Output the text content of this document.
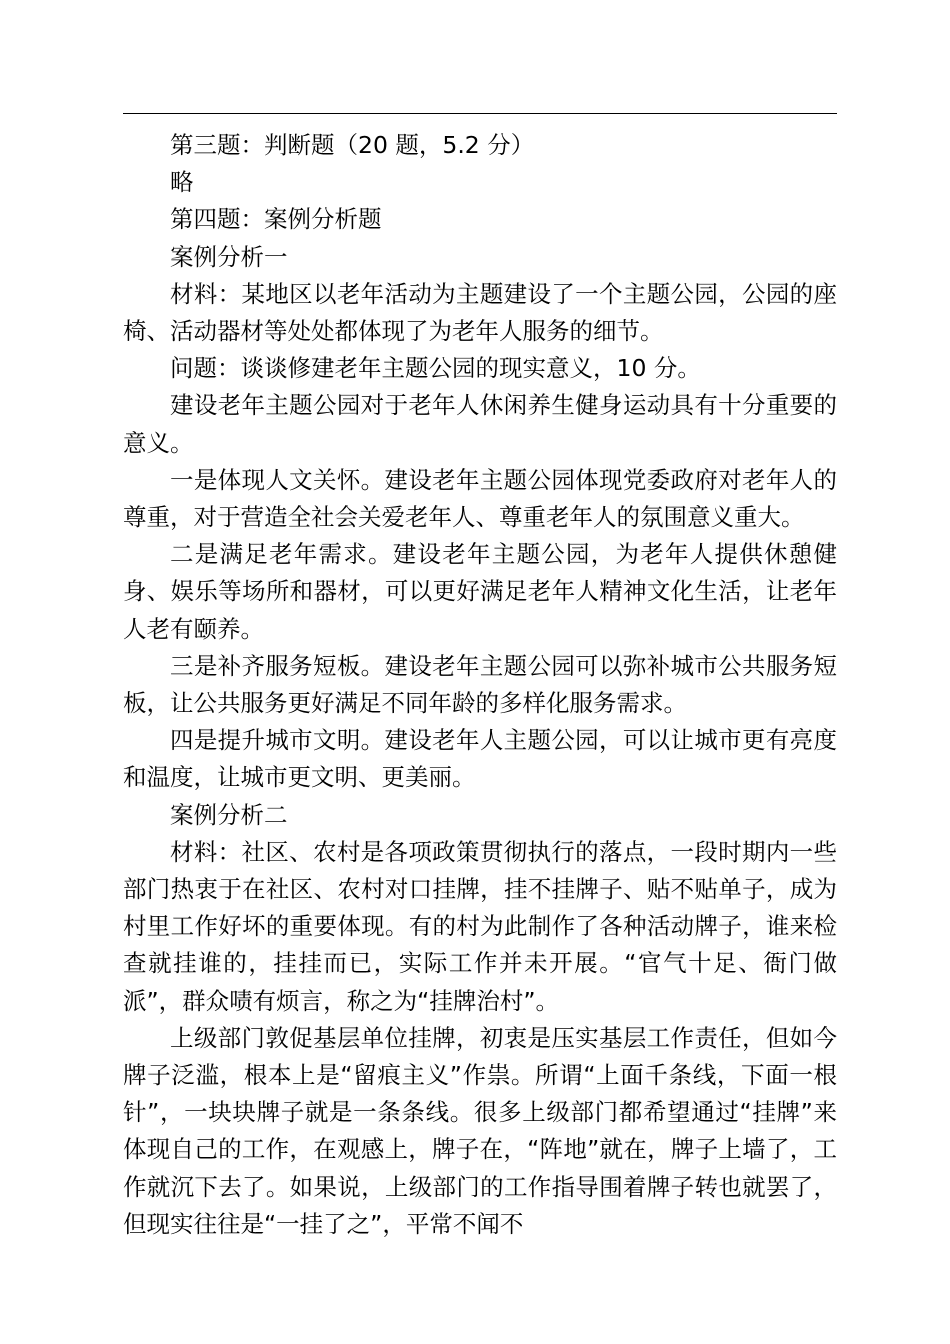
第三题：判断题（20 题，5.2 分）

略

第四题：案例分析题

案例分析一

材料：某地区以老年活动为主题建设了一个主题公园，公园的座椅、活动器材等处处都体现了为老年人服务的细节。

问题：谈谈修建老年主题公园的现实意义，10 分。

建设老年主题公园对于老年人休闲养生健身运动具有十分重要的意义。

一是体现人文关怀。建设老年主题公园体现党委政府对老年人的尊重，对于营造全社会关爱老年人、尊重老年人的氛围意义重大。

二是满足老年需求。建设老年主题公园，为老年人提供休憩健身、娱乐等场所和器材，可以更好满足老年人精神文化生活，让老年人老有颐养。

三是补齐服务短板。建设老年主题公园可以弥补城市公共服务短板，让公共服务更好满足不同年龄的多样化服务需求。

四是提升城市文明。建设老年人主题公园，可以让城市更有亮度和温度，让城市更文明、更美丽。

案例分析二

材料：社区、农村是各项政策贯彻执行的落点，一段时期内一些部门热衷于在社区、农村对口挂牌，挂不挂牌子、贴不贴单子，成为村里工作好坏的重要体现。有的村为此制作了各种活动牌子，谁来检查就挂谁的，挂挂而已，实际工作并未开展。“官气十足、衙门做派”，群众啧有烦言，称之为“挂牌治村”。

上级部门敦促基层单位挂牌，初衷是压实基层工作责任，但如今牌子泛滥，根本上是“留痕主义”作祟。所谓“上面千条线，下面一根针”，一块块牌子就是一条条线。很多上级部门都希望通过“挂牌”来体现自己的工作，在观感上，牌子在，“阵地”就在，牌子上墙了，工作就沉下去了。如果说，上级部门的工作指导围着牌子转也就罢了，但现实往往是“一挂了之”，平常不闻不
